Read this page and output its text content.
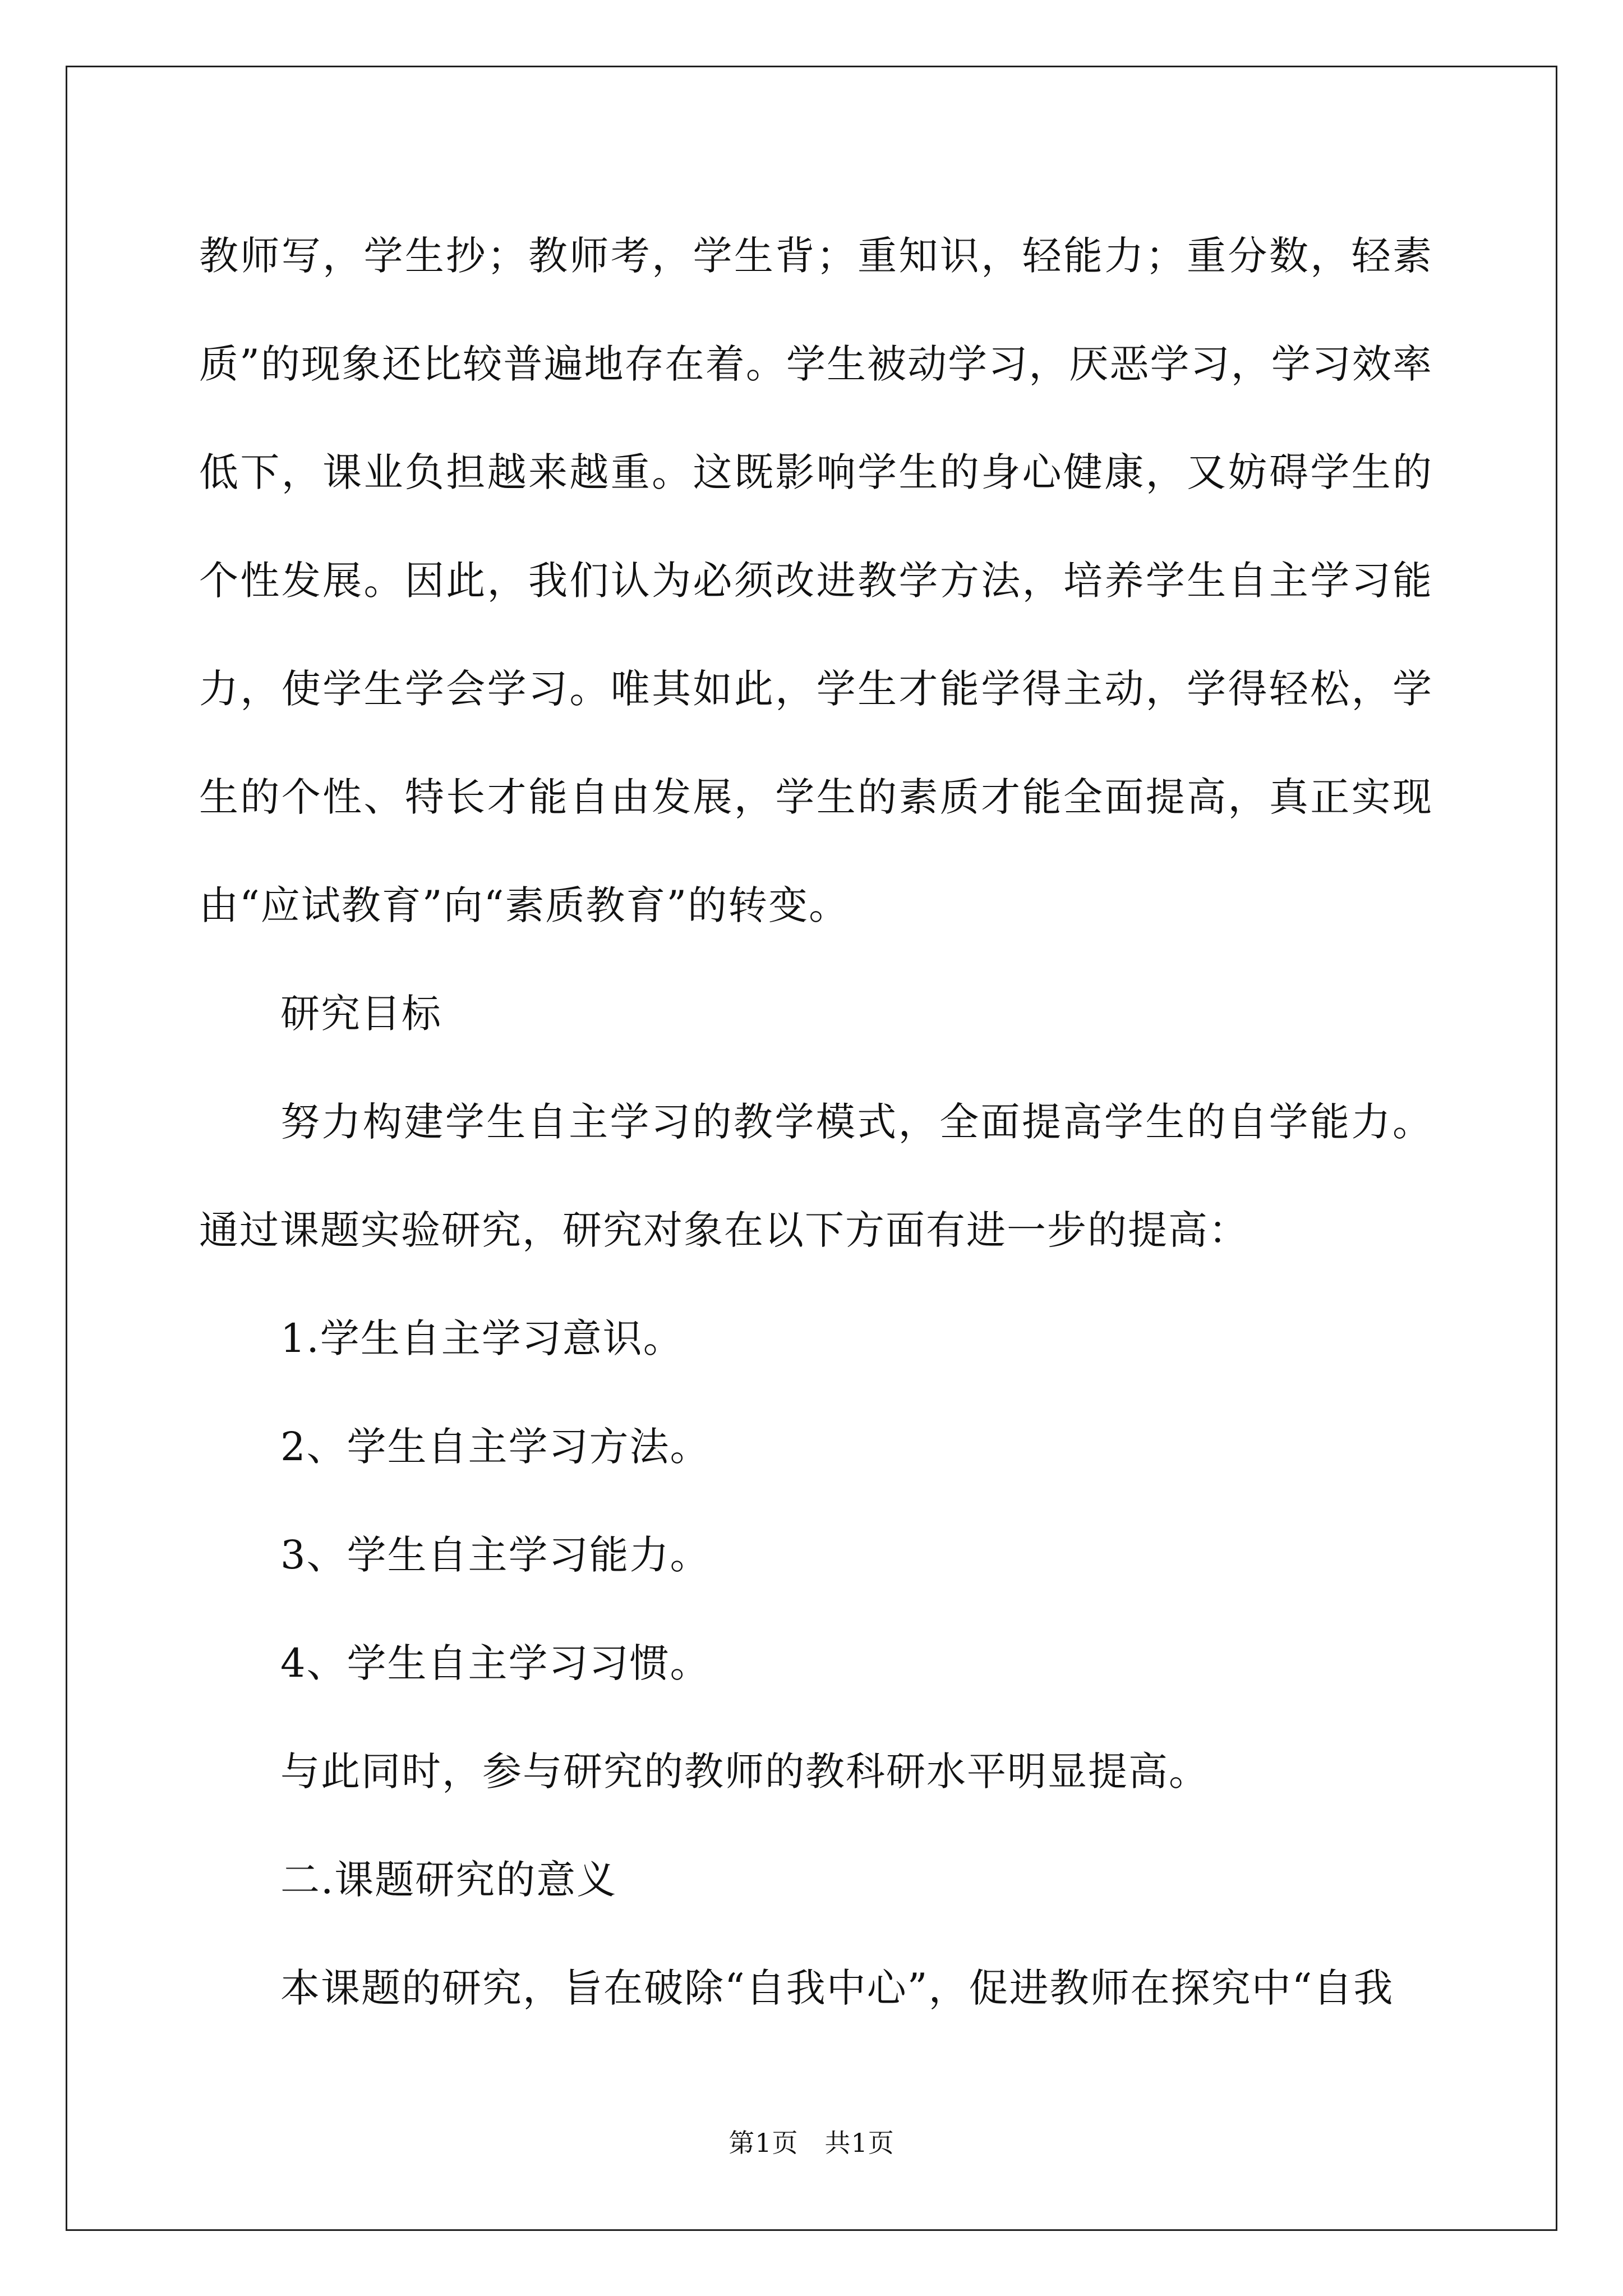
教师写，学生抄；教师考，学生背；重知识，轻能力；重分数，轻素质”的现象还比较普遍地存在着。学生被动学习，厌恶学习，学习效率低下，课业负担越来越重。这既影响学生的身心健康，又妨碍学生的个性发展。因此，我们认为必须改进教学方法，培养学生自主学习能力，使学生学会学习。唯其如此，学生才能学得主动，学得轻松，学生的个性、特长才能自由发展，学生的素质才能全面提高，真正实现由“应试教育”向“素质教育”的转变。

研究目标

努力构建学生自主学习的教学模式，全面提高学生的自学能力。通过课题实验研究，研究对象在以下方面有进一步的提高：

1.学生自主学习意识。

2、学生自主学习方法。

3、学生自主学习能力。

4、学生自主学习习惯。

与此同时，参与研究的教师的教科研水平明显提高。

二.课题研究的意义

本课题的研究，旨在破除“自我中心”，促进教师在探究中“自我

第1页　共1页
